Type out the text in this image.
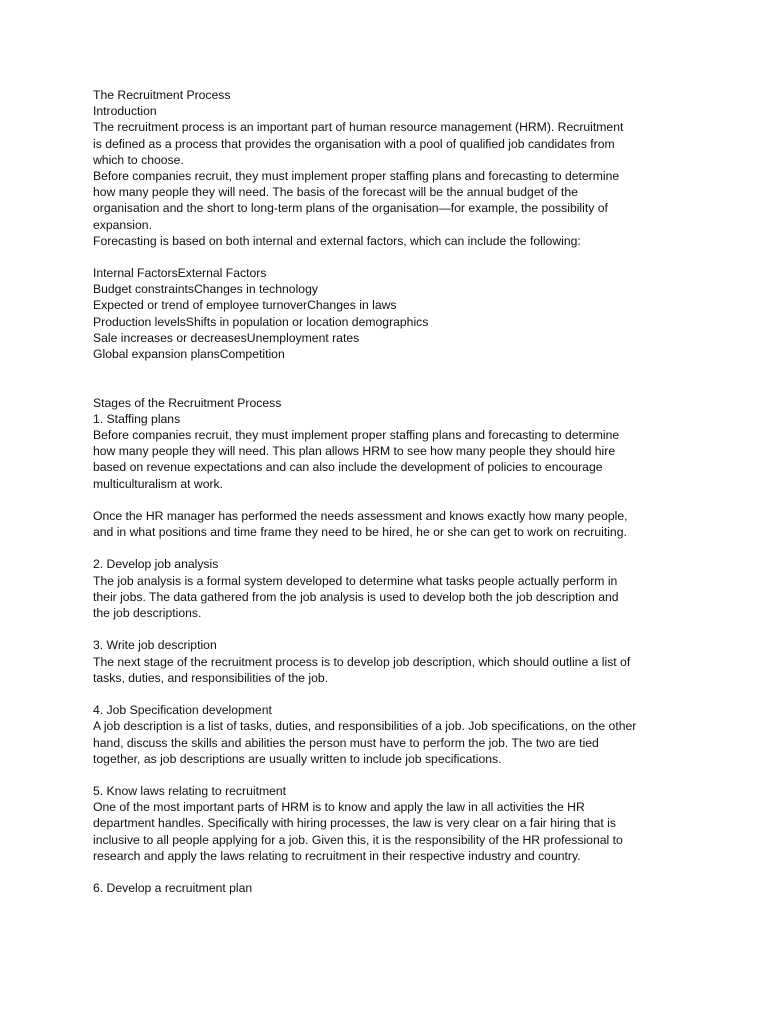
The Recruitment Process
Introduction
The recruitment process is an important part of human resource management (HRM). Recruitment
is defined as a process that provides the organisation with a pool of qualified job candidates from
which to choose.
Before companies recruit, they must implement proper staffing plans and forecasting to determine
how many people they will need. The basis of the forecast will be the annual budget of the
organisation and the short to long-term plans of the organisation—for example, the possibility of
expansion.
Forecasting is based on both internal and external factors, which can include the following:
Internal FactorsExternal Factors
Budget constraintsChanges in technology
Expected or trend of employee turnoverChanges in laws
Production levelsShifts in population or location demographics
Sale increases or decreasesUnemployment rates
Global expansion plansCompetition
Stages of the Recruitment Process
1. Staffing plans
Before companies recruit, they must implement proper staffing plans and forecasting to determine
how many people they will need. This plan allows HRM to see how many people they should hire
based on revenue expectations and can also include the development of policies to encourage
multiculturalism at work.
Once the HR manager has performed the needs assessment and knows exactly how many people,
and in what positions and time frame they need to be hired, he or she can get to work on recruiting.
2. Develop job analysis
The job analysis is a formal system developed to determine what tasks people actually perform in
their jobs. The data gathered from the job analysis is used to develop both the job description and
the job descriptions.
3. Write job description
The next stage of the recruitment process is to develop job description, which should outline a list of
tasks, duties, and responsibilities of the job.
4. Job Specification development
A job description is a list of tasks, duties, and responsibilities of a job. Job specifications, on the other
hand, discuss the skills and abilities the person must have to perform the job. The two are tied
together, as job descriptions are usually written to include job specifications.
5. Know laws relating to recruitment
One of the most important parts of HRM is to know and apply the law in all activities the HR
department handles. Specifically with hiring processes, the law is very clear on a fair hiring that is
inclusive to all people applying for a job. Given this, it is the responsibility of the HR professional to
research and apply the laws relating to recruitment in their respective industry and country.
6. Develop a recruitment plan
